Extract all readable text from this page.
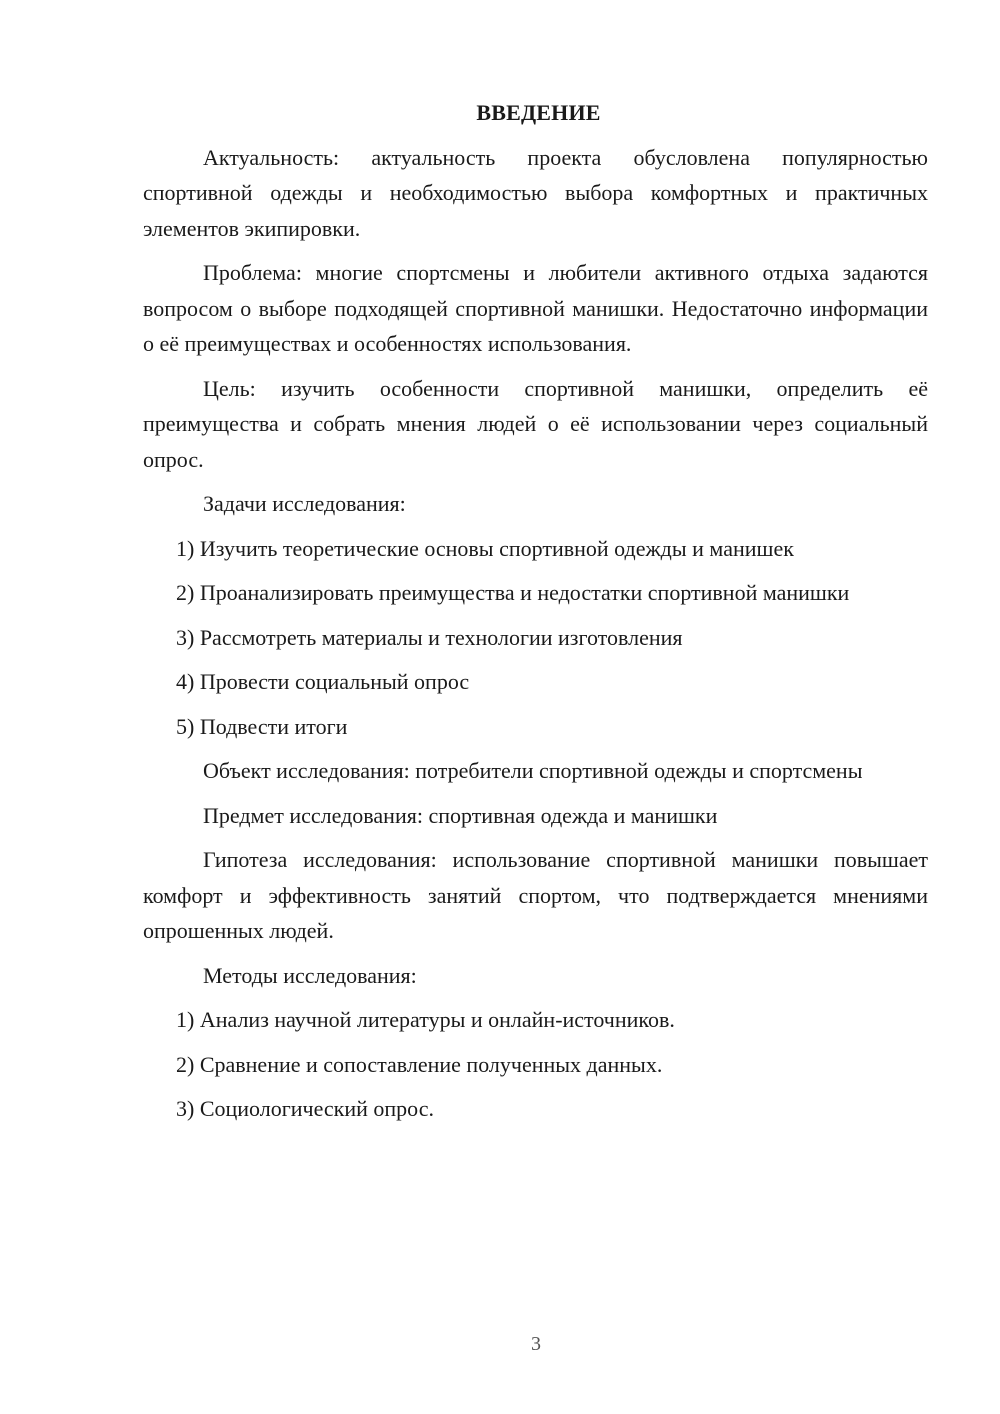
ВВЕДЕНИЕ

Актуальность: актуальность проекта обусловлена популярностью спортивной одежды и необходимостью выбора комфортных и практичных элементов экипировки.

Проблема: многие спортсмены и любители активного отдыха задаются вопросом о выборе подходящей спортивной манишки. Недостаточно информации о её преимуществах и особенностях использования.

Цель: изучить особенности спортивной манишки, определить её преимущества и собрать мнения людей о её использовании через социальный опрос.

Задачи исследования:

1) Изучить теоретические основы спортивной одежды и манишек

2) Проанализировать преимущества и недостатки спортивной манишки

3) Рассмотреть материалы и технологии изготовления

4) Провести социальный опрос

5) Подвести итоги

Объект исследования: потребители спортивной одежды и спортсмены

Предмет исследования: спортивная одежда и манишки

Гипотеза исследования: использование спортивной манишки повышает комфорт и эффективность занятий спортом, что подтверждается мнениями опрошенных людей.

Методы исследования:

1) Анализ научной литературы и онлайн-источников.

2) Сравнение и сопоставление полученных данных.

3) Социологический опрос.

3
